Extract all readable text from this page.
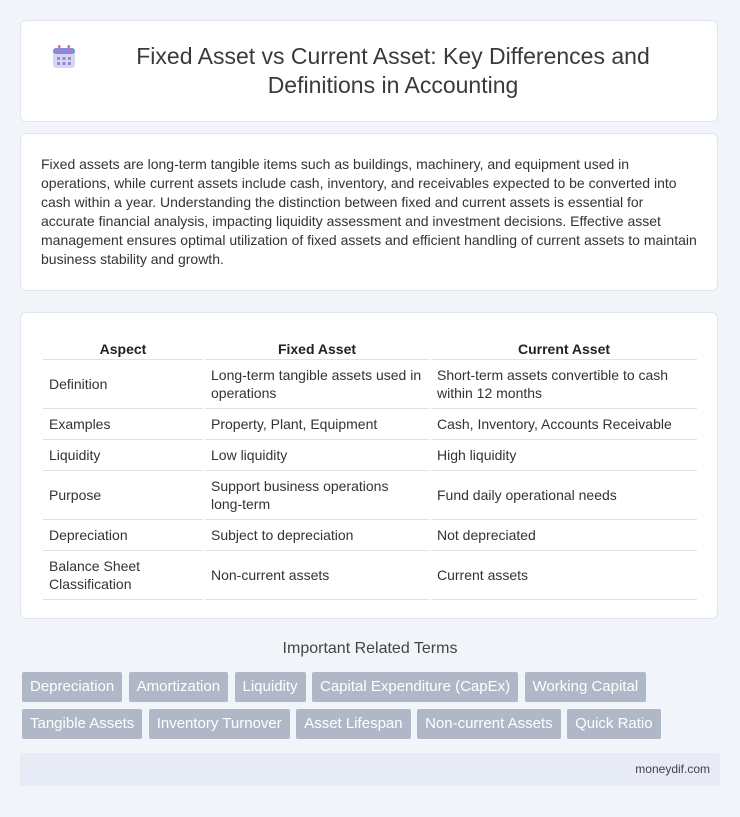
Fixed Asset vs Current Asset: Key Differences and Definitions in Accounting

Fixed assets are long-term tangible items such as buildings, machinery, and equipment used in operations, while current assets include cash, inventory, and receivables expected to be converted into cash within a year. Understanding the distinction between fixed and current assets is essential for accurate financial analysis, impacting liquidity assessment and investment decisions. Effective asset management ensures optimal utilization of fixed assets and efficient handling of current assets to maintain business stability and growth.

Aspect	Fixed Asset	Current Asset
Definition	Long-term tangible assets used in operations	Short-term assets convertible to cash within 12 months
Examples	Property, Plant, Equipment	Cash, Inventory, Accounts Receivable
Liquidity	Low liquidity	High liquidity
Purpose	Support business operations long-term	Fund daily operational needs
Depreciation	Subject to depreciation	Not depreciated
Balance Sheet Classification	Non-current assets	Current assets
Important Related Terms
Depreciation Amortization Liquidity Capital Expenditure (CapEx) Working Capital Tangible Assets Inventory Turnover Asset Lifespan Non-current Assets Quick Ratio
moneydif.com
